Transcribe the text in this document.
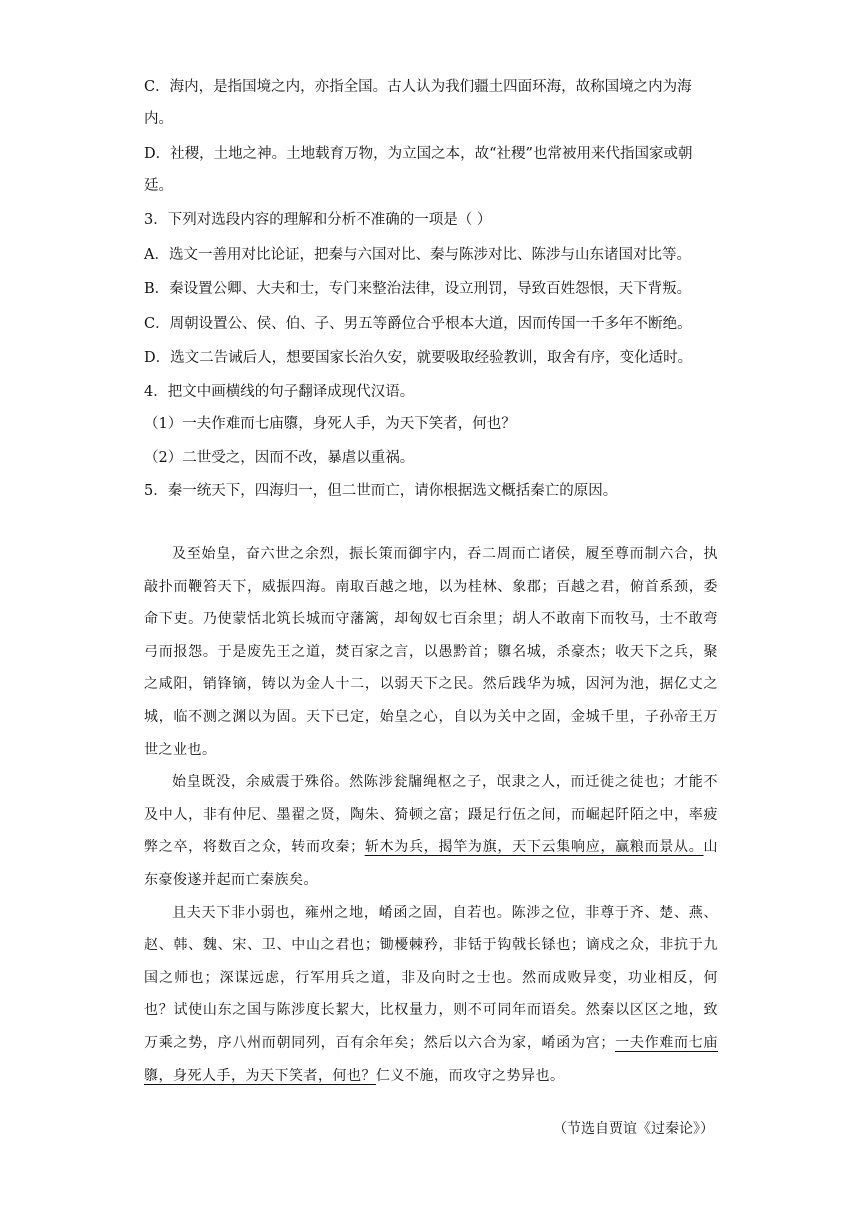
C．海内，是指国境之内，亦指全国。古人认为我们疆土四面环海，故称国境之内为海

内。

D．社稷，土地之神。土地载育万物，为立国之本，故“社稷”也常被用来代指国家或朝

廷。

3．下列对选段内容的理解和分析不准确的一项是（ ）

A．选文一善用对比论证，把秦与六国对比、秦与陈涉对比、陈涉与山东诸国对比等。

B．秦设置公卿、大夫和士，专门来整治法律，设立刑罚，导致百姓怨恨，天下背叛。

C．周朝设置公、侯、伯、子、男五等爵位合乎根本大道，因而传国一千多年不断绝。

D．选文二告诫后人，想要国家长治久安，就要吸取经验教训，取舍有序，变化适时。

4．把文中画横线的句子翻译成现代汉语。

（1）一夫作难而七庙隳，身死人手，为天下笑者，何也？

（2）二世受之，因而不改，暴虐以重祸。

5．秦一统天下，四海归一，但二世而亡，请你根据选文概括秦亡的原因。

及至始皇，奋六世之余烈，振长策而御宇内，吞二周而亡诸侯，履至尊而制六合，执敲扑而鞭笞天下，威振四海。南取百越之地，以为桂林、象郡；百越之君，俯首系颈，委命下吏。乃使蒙恬北筑长城而守藩篱，却匈奴七百余里；胡人不敢南下而牧马，士不敢弯弓而报怨。于是废先王之道，焚百家之言，以愚黔首；隳名城，杀豪杰；收天下之兵，聚之咸阳，销锋镝，铸以为金人十二，以弱天下之民。然后践华为城，因河为池，据亿丈之城，临不测之渊以为固。天下已定，始皇之心，自以为关中之固，金城千里，子孙帝王万世之业也。

始皇既没，余威震于殊俗。然陈涉瓮牖绳枢之子，氓隶之人，而迁徙之徒也；才能不及中人，非有仲尼、墨翟之贤，陶朱、猗顿之富；蹑足行伍之间，而崛起阡陌之中，率疲弊之卒，将数百之众，转而攻秦；斩木为兵，揭竿为旗，天下云集响应，赢粮而景从。山东豪俊遂并起而亡秦族矣。

且夫天下非小弱也，雍州之地，崤函之固，自若也。陈涉之位，非尊于齐、楚、燕、赵、韩、魏、宋、卫、中山之君也；锄櫌棘矜，非铦于钩戟长铩也；谪戍之众，非抗于九国之师也；深谋远虑，行军用兵之道，非及向时之士也。然而成败异变，功业相反，何也？试使山东之国与陈涉度长絜大，比权量力，则不可同年而语矣。然秦以区区之地，致万乘之势，序八州而朝同列，百有余年矣；然后以六合为家，崤函为宫；一夫作难而七庙隳，身死人手，为天下笑者，何也？仁义不施，而攻守之势异也。

（节选自贾谊《过秦论》）
